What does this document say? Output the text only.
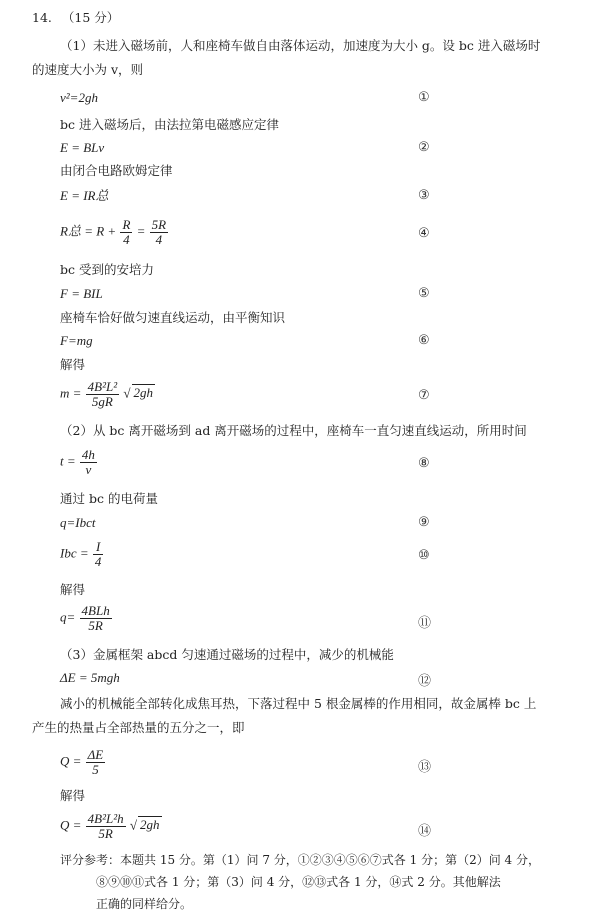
14. （15 分）
（1）未进入磁场前，人和座椅车做自由落体运动，加速度为大小 g。设 bc 进入磁场时
的速度大小为 v，则
v²=2gh	①
bc 进入磁场后，由法拉第电磁感应定律
E = BLv	②
由闭合电路欧姆定律
E = IR总	③
R总 = $R + \frac{R}{4} = \frac{5R}{4}$	④
bc 受到的安培力
F = BIL	⑤
座椅车恰好做匀速直线运动，由平衡知识
F=mg	⑥
解得
$m = \frac{\text{4B²L²}}{5gR}$ √ 2gh	⑦
（2）从 bc 离开磁场到 ad 离开磁场的过程中，座椅车一直匀速直线运动，所用时间
$t = \frac{4h}{v}$	⑧
通过 bc 的电荷量
q=Ibct	⑨
Ibc = $\frac{I}{4}$	⑩
解得
$q= \frac{\text{4BLh}}{5R}$	⑪
（3）金属框架 abcd 匀速通过磁场的过程中，减少的机械能
ΔE = 5mgh	⑫
减小的机械能全部转化成焦耳热，下落过程中 5 根金属棒的作用相同，故金属棒 bc 上
产生的热量占全部热量的五分之一，即
$Q = \frac{\Delta E}{5}$	⑬
解得
$Q = \frac{\text{4B²L²h}}{5R}$ √ 2gh	⑭
评分参考：本题共 15 分。第（1）问 7 分，①②③④⑤⑥⑦式各 1 分；第（2）问 4 分，
⑧⑨⑩⑪式各 1 分；第（3）问 4 分，⑫⑬式各 1 分，⑭式 2 分。其他解法
正确的同样给分。
